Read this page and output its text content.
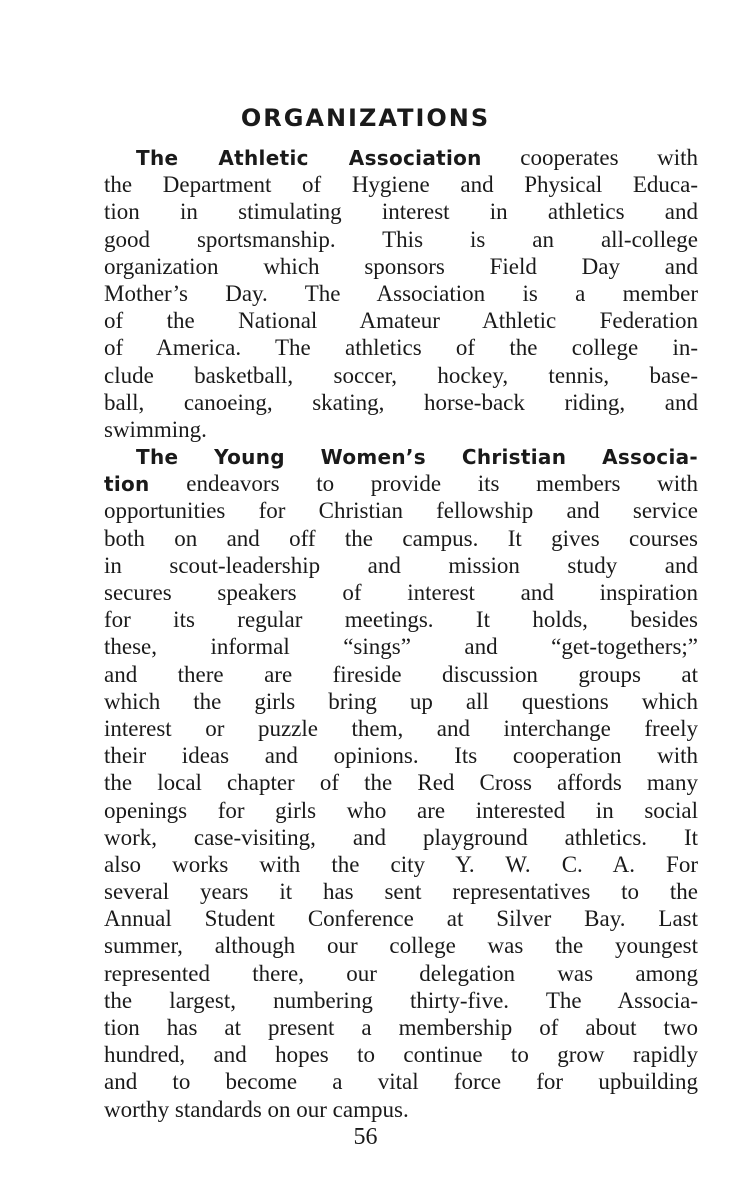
ORGANIZATIONS
The Athletic Association cooperates with
the Department of Hygiene and Physical Educa-
tion in stimulating interest in athletics and
good sportsmanship. This is an all-college
organization which sponsors Field Day and
Mother’s Day. The Association is a member
of the National Amateur Athletic Federation
of America. The athletics of the college in-
clude basketball, soccer, hockey, tennis, base-
ball, canoeing, skating, horse-back riding, and
swimming.
The Young Women’s Christian Associa-
tion endeavors to provide its members with
opportunities for Christian fellowship and service
both on and off the campus. It gives courses
in scout-leadership and mission study and
secures speakers of interest and inspiration
for its regular meetings. It holds, besides
these, informal “sings” and “get-togethers;”
and there are fireside discussion groups at
which the girls bring up all questions which
interest or puzzle them, and interchange freely
their ideas and opinions. Its cooperation with
the local chapter of the Red Cross affords many
openings for girls who are interested in social
work, case-visiting, and playground athletics. It
also works with the city Y. W. C. A. For
several years it has sent representatives to the
Annual Student Conference at Silver Bay. Last
summer, although our college was the youngest
represented there, our delegation was among
the largest, numbering thirty-five. The Associa-
tion has at present a membership of about two
hundred, and hopes to continue to grow rapidly
and to become a vital force for upbuilding
worthy standards on our campus.

56
